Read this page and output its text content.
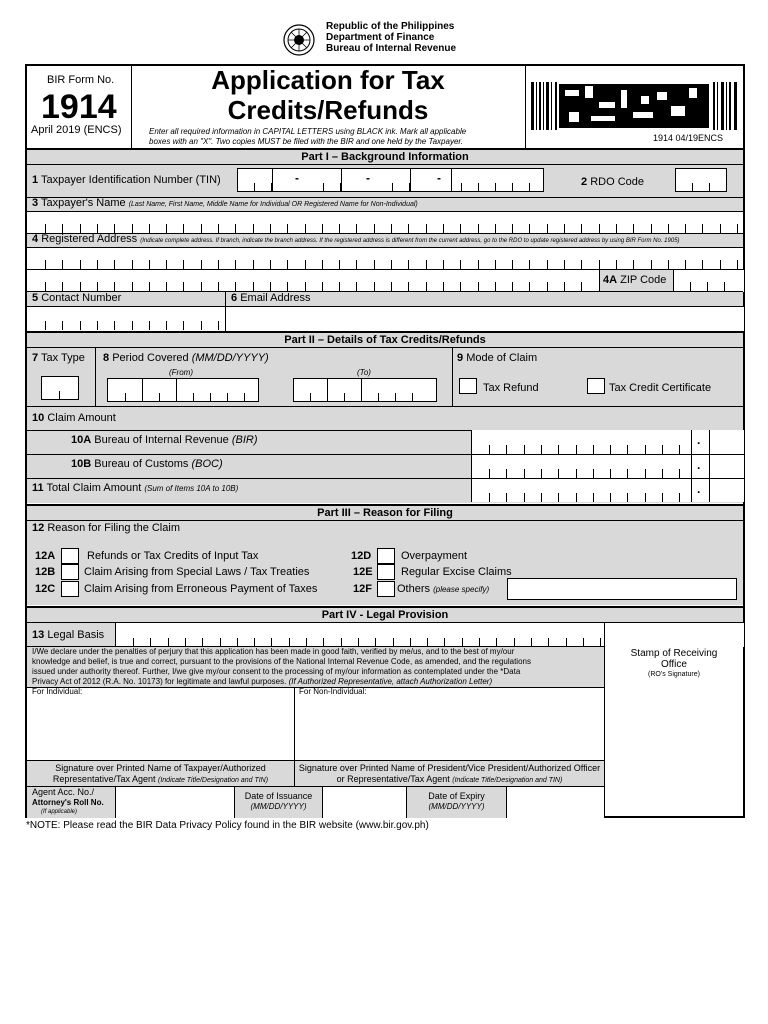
Republic of the Philippines
Department of Finance
Bureau of Internal Revenue
BIR Form No.
1914
April 2019 (ENCS)
Application for Tax
Credits/Refunds
Enter all required information in CAPITAL LETTERS using BLACK ink. Mark all applicable
boxes with an "X". Two copies MUST be filed with the BIR and one held by the Taxpayer.	1914 04/19ENCS
Part I – Background Information
1 Taxpayer Identification Number (TIN)	-	-	-	2 RDO Code
3 Taxpayer's Name (Last Name, First Name, Middle Name for Individual OR Registered Name for Non-Individual)
4 Registered Address (Indicate complete address. If branch, indicate the branch address. If the registered address is different from the current address, go to the RDO to update registered address by using BIR Form No. 1905)
4A ZIP Code
5 Contact Number	6 Email Address
Part II – Details of Tax Credits/Refunds
7 Tax Type 8 Period Covered (MM/DD/YYYY)
(From)	(To)
9 Mode of Claim
Tax Refund	Tax Credit Certificate
10 Claim Amount
10A Bureau of Internal Revenue (BIR)
10B Bureau of Customs (BOC)
11 Total Claim Amount (Sum of Items 10A to 10B)
.
.
.
Part III – Reason for Filing
12 Reason for Filing the Claim
12A	Refunds or Tax Credits of Input Tax
12B	Claim Arising from Special Laws / Tax Treaties
12C	Claim Arising from Erroneous Payment of Taxes
12D	Overpayment
12E	Regular Excise Claims
12F Others (please specify)
Part IV - Legal Provision
13 Legal Basis
I/We declare under the penalties of perjury that this application has been made in good faith, verified by me/us, and to the best of my/our
knowledge and belief, is true and correct, pursuant to the provisions of the National Internal Revenue Code, as amended, and the regulations
issued under authority thereof. Further, I/we give my/our consent to the processing of my/our information as contemplated under the *Data
Privacy Act of 2012 (R.A. No. 10173) for legitimate and lawful purposes. (If Authorized Representative, attach Authorization Letter)
Stamp of Receiving
Office
(RO's Signature)
For Individual:	For Non-Individual:
Signature over Printed Name of Taxpayer/Authorized
Representative/Tax Agent (Indicate Title/Designation and TIN)
Signature over Printed Name of President/Vice President/Authorized Officer
or Representative/Tax Agent (Indicate Title/Designation and TIN)
Agent Acc. No./
Attorney's Roll No.
(If applicable)
Date of Issuance
(MM/DD/YYYY)
Date of Expiry
(MM/DD/YYYY)
*NOTE: Please read the BIR Data Privacy Policy found in the BIR website (www.bir.gov.ph)
